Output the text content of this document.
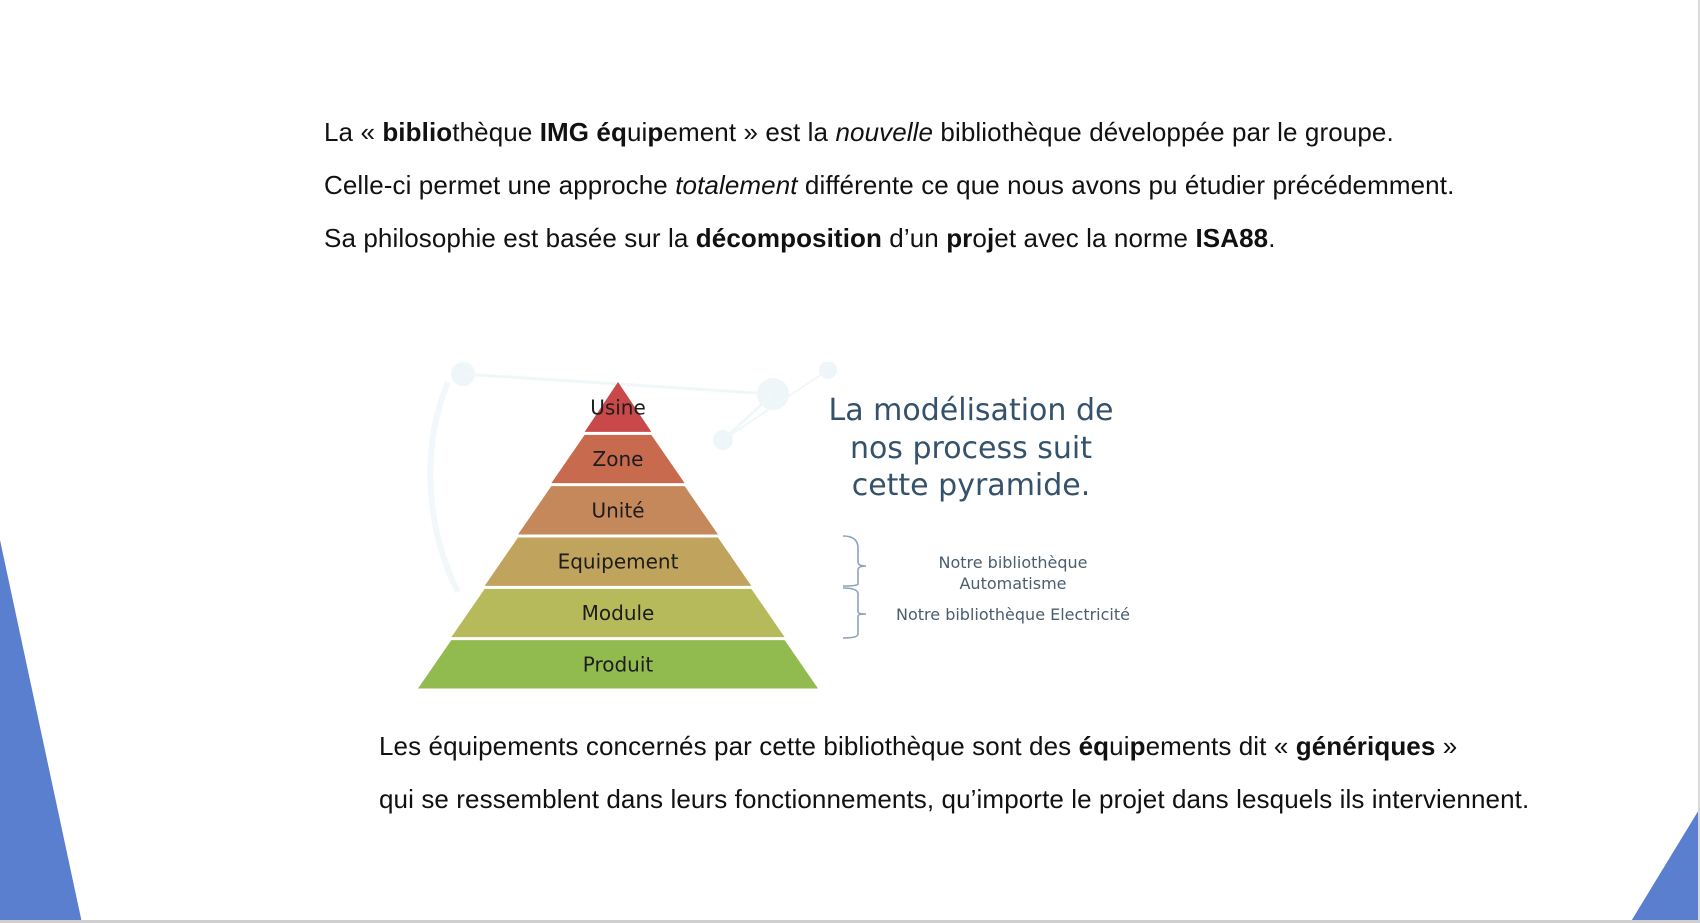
La « bibliothèque IMG équipement » est la nouvelle bibliothèque développée par le groupe.
Celle-ci permet une approche totalement différente ce que nous avons pu étudier précédemment.
Sa philosophie est basée sur la décomposition d’un projet avec la norme ISA88.
Usine
Zone
Unité
Equipement
Module
Produit
La modélisation de
nos process suit
cette pyramide.
Notre bibliothèque
Automatisme
Notre bibliothèque Electricité
Les équipements concernés par cette bibliothèque sont des équipements dit « génériques »
qui se ressemblent dans leurs fonctionnements, qu’importe le projet dans lesquels ils interviennent.
